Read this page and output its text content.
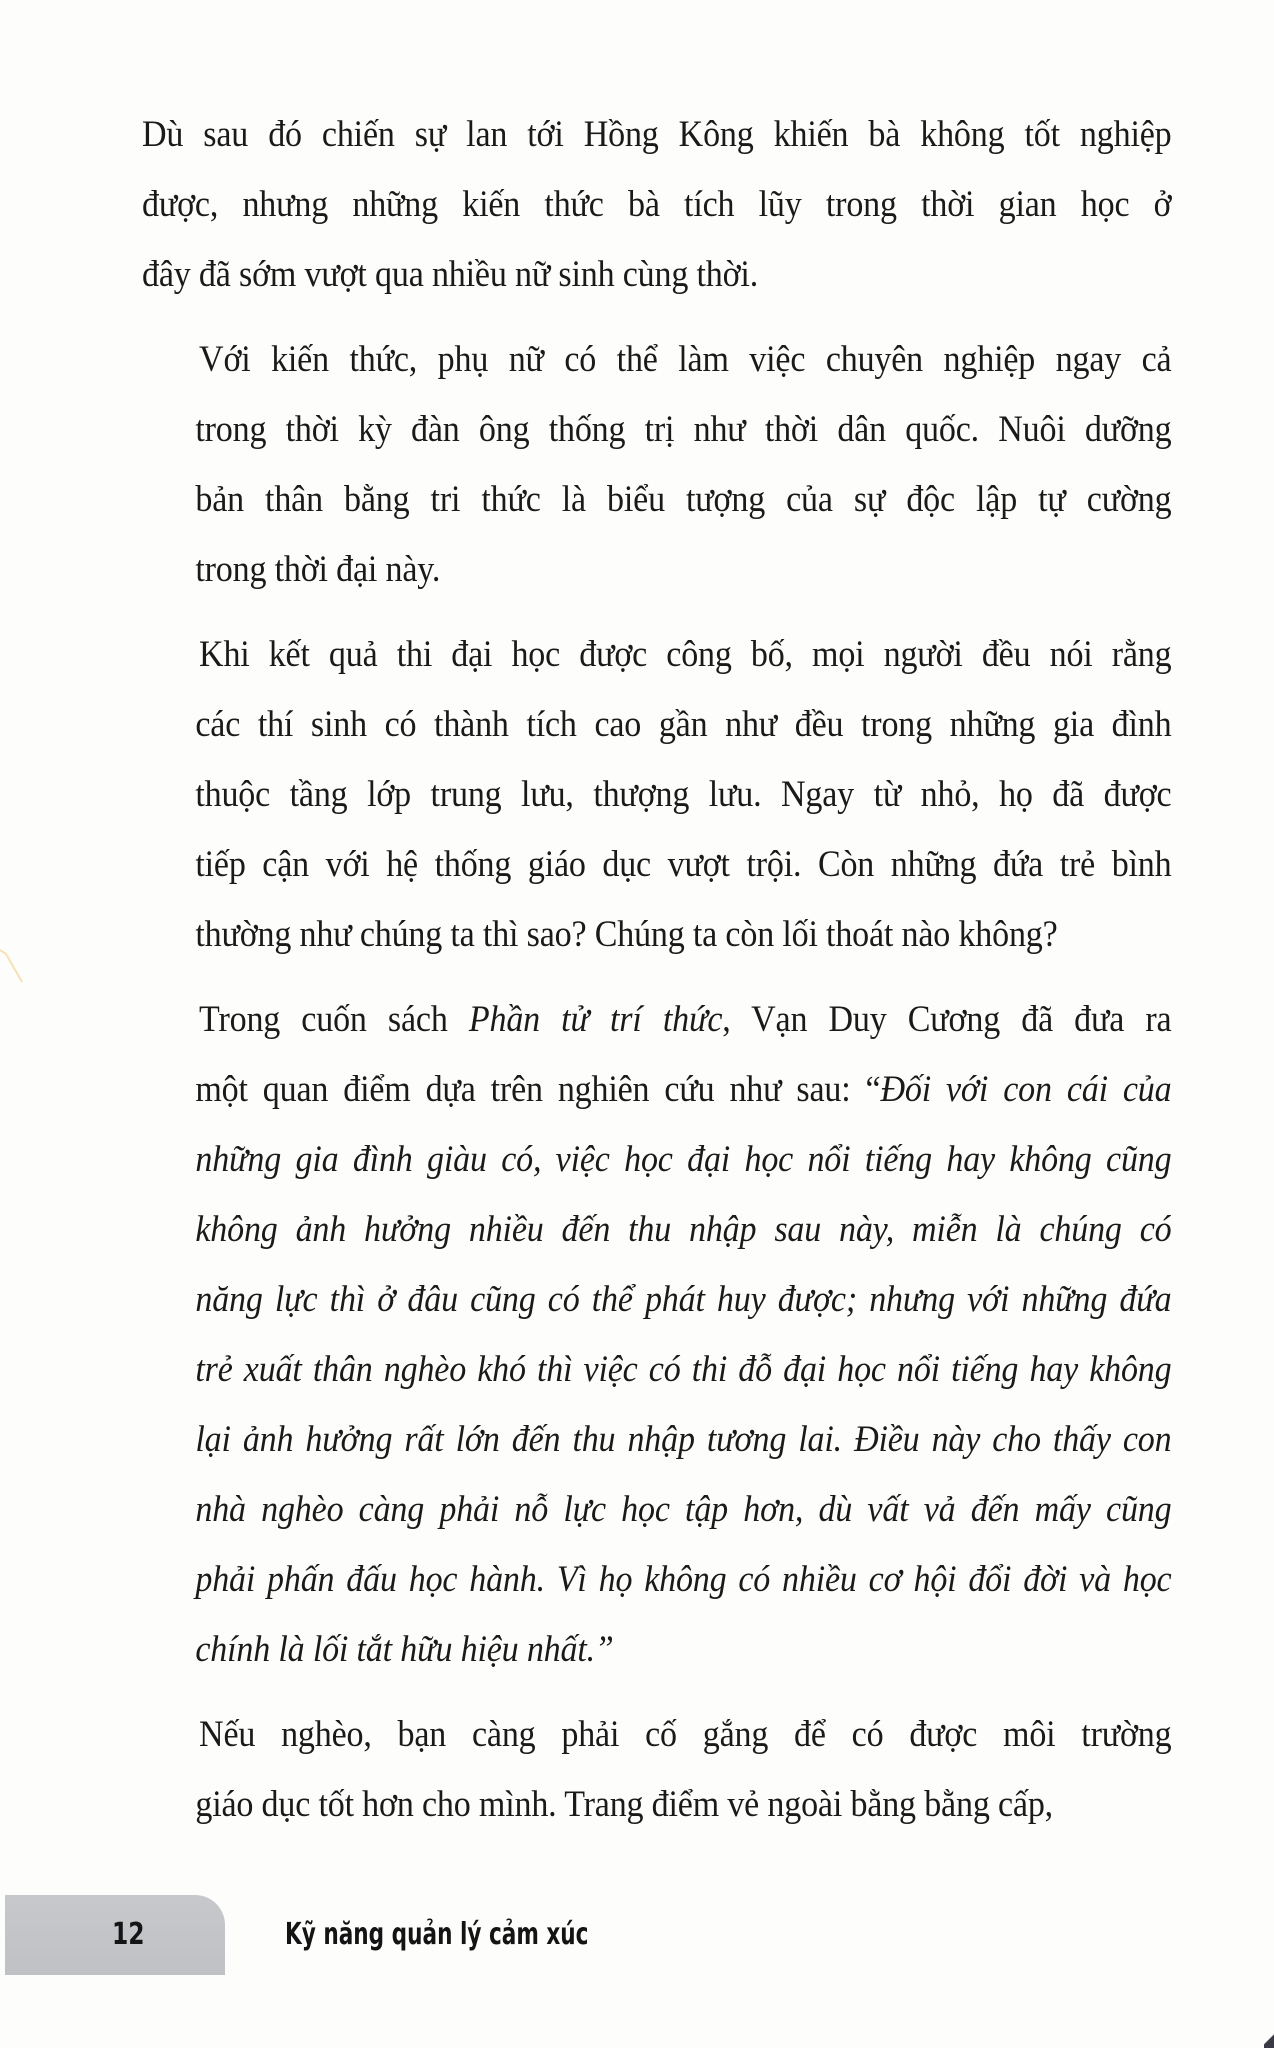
Dù sau đó chiến sự lan tới Hồng Kông khiến bà không tốt nghiệp
được, nhưng những kiến thức bà tích lũy trong thời gian học ở
đây đã sớm vượt qua nhiều nữ sinh cùng thời.

Với kiến thức, phụ nữ có thể làm việc chuyên nghiệp ngay cả
trong thời kỳ đàn ông thống trị như thời dân quốc. Nuôi dưỡng
bản thân bằng tri thức là biểu tượng của sự độc lập tự cường
trong thời đại này.

Khi kết quả thi đại học được công bố, mọi người đều nói rằng
các thí sinh có thành tích cao gần như đều trong những gia đình
thuộc tầng lớp trung lưu, thượng lưu. Ngay từ nhỏ, họ đã được
tiếp cận với hệ thống giáo dục vượt trội. Còn những đứa trẻ bình
thường như chúng ta thì sao? Chúng ta còn lối thoát nào không?

Trong cuốn sách Phần tử trí thức, Vạn Duy Cương đã đưa ra
một quan điểm dựa trên nghiên cứu như sau: “Đối với con cái của
những gia đình giàu có, việc học đại học nổi tiếng hay không cũng
không ảnh hưởng nhiều đến thu nhập sau này, miễn là chúng có
năng lực thì ở đâu cũng có thể phát huy được; nhưng với những đứa
trẻ xuất thân nghèo khó thì việc có thi đỗ đại học nổi tiếng hay không
lại ảnh hưởng rất lớn đến thu nhập tương lai. Điều này cho thấy con
nhà nghèo càng phải nỗ lực học tập hơn, dù vất vả đến mấy cũng
phải phấn đấu học hành. Vì họ không có nhiều cơ hội đổi đời và học
chính là lối tắt hữu hiệu nhất.”

Nếu nghèo, bạn càng phải cố gắng để có được môi trường
giáo dục tốt hơn cho mình. Trang điểm vẻ ngoài bằng bằng cấp,

12	Kỹ năng quản lý cảm xúc
